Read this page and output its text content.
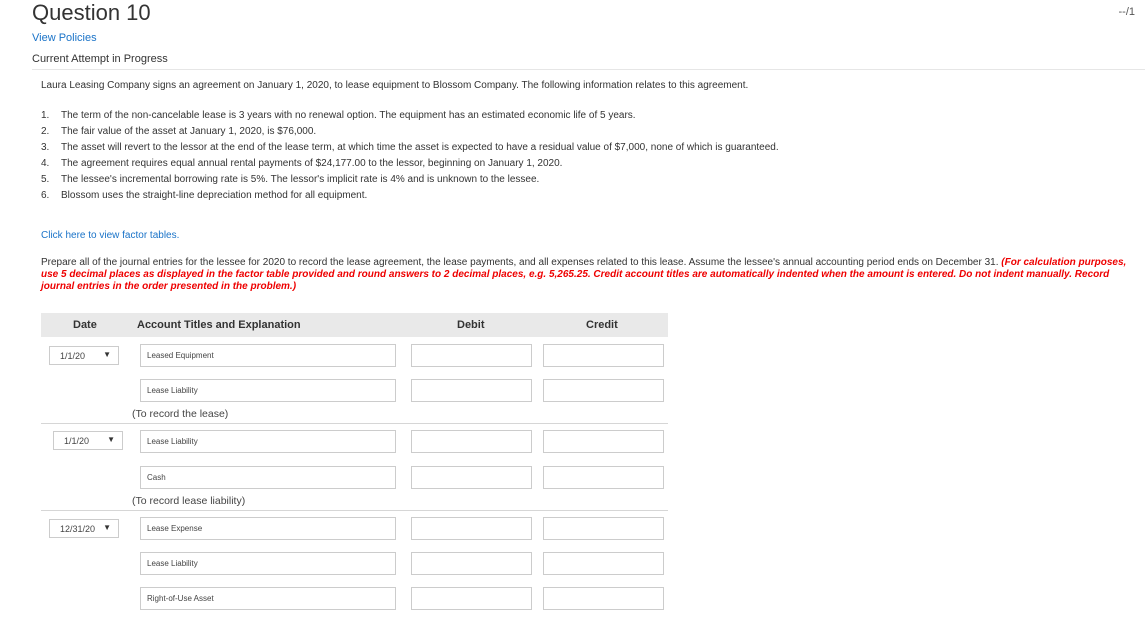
Question 10	--/1
View Policies
Current Attempt in Progress
Laura Leasing Company signs an agreement on January 1, 2020, to lease equipment to Blossom Company. The following information relates to this agreement.
1. The term of the non-cancelable lease is 3 years with no renewal option. The equipment has an estimated economic life of 5 years.
2. The fair value of the asset at January 1, 2020, is $76,000.
3. The asset will revert to the lessor at the end of the lease term, at which time the asset is expected to have a residual value of $7,000, none of which is guaranteed.
4. The agreement requires equal annual rental payments of $24,177.00 to the lessor, beginning on January 1, 2020.
5. The lessee's incremental borrowing rate is 5%. The lessor's implicit rate is 4% and is unknown to the lessee.
6. Blossom uses the straight-line depreciation method for all equipment.
Click here to view factor tables.
Prepare all of the journal entries for the lessee for 2020 to record the lease agreement, the lease payments, and all expenses related to this lease. Assume the lessee's annual accounting period ends on December 31. (For calculation purposes, use 5 decimal places as displayed in the factor table provided and round answers to 2 decimal places, e.g. 5,265.25. Credit account titles are automatically indented when the amount is entered. Do not indent manually. Record journal entries in the order presented in the problem.)
Date	Account Titles and Explanation	Debit	Credit
1/1/20 ▼	Leased Equipment
Lease Liability
(To record the lease)
1/1/20 ▼	Lease Liability
Cash
(To record lease liability)
12/31/20 ▼	Lease Expense
Lease Liability
Right-of-Use Asset
